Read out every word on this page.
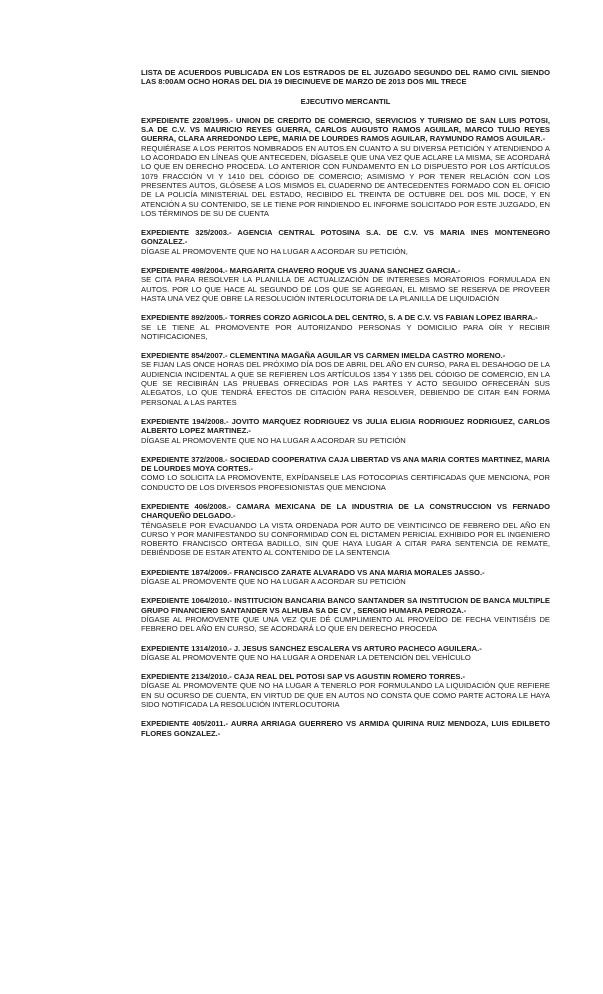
LISTA DE ACUERDOS PUBLICADA EN LOS ESTRADOS DE EL JUZGADO SEGUNDO DEL RAMO CIVIL SIENDO LAS 8:00AM OCHO HORAS DEL DIA 19 DIECINUEVE DE MARZO DE 2013 DOS MIL TRECE
EJECUTIVO MERCANTIL
EXPEDIENTE 2208/1995.- UNION DE CREDITO DE COMERCIO, SERVICIOS Y TURISMO DE SAN LUIS POTOSI, S.A DE C.V. VS MAURICIO REYES GUERRA, CARLOS AUGUSTO RAMOS AGUILAR, MARCO TULIO REYES GUERRA, CLARA ARREDONDO LEPE, MARIA DE LOURDES RAMOS AGUILAR, RAYMUNDO RAMOS AGUILAR.-
REQUIÉRASE A LOS PERITOS NOMBRADOS EN AUTOS.EN CUANTO A SU DIVERSA PETICIÓN Y ATENDIENDO A LO ACORDADO EN LÍNEAS QUE ANTECEDEN, DÍGASELE QUE UNA VEZ QUE ACLARE LA MISMA, SE ACORDARÁ LO QUE EN DERECHO PROCEDA. LO ANTERIOR CON FUNDAMENTO EN LO DISPUESTO POR LOS ARTÍCULOS 1079 FRACCIÓN VI Y 1410 DEL CÓDIGO DE COMERCIO; ASIMISMO Y POR TENER RELACIÓN CON LOS PRESENTES AUTOS, GLÓSESE A LOS MISMOS EL CUADERNO DE ANTECEDENTES FORMADO CON EL OFICIO DE LA POLICÍA MINISTERIAL DEL ESTADO, RECIBIDO EL TREINTA DE OCTUBRE DEL DOS MIL DOCE, Y EN ATENCIÓN A SU CONTENIDO, SE LE TIENE POR RINDIENDO EL INFORME SOLICITADO POR ESTE JUZGADO, EN LOS TÉRMINOS DE SU DE CUENTA
EXPEDIENTE 325/2003.- AGENCIA CENTRAL POTOSINA S.A. DE C.V. VS MARIA INES MONTENEGRO GONZALEZ.-
DÍGASE AL PROMOVENTE QUE NO HA LUGAR A ACORDAR SU PETICIÓN,
EXPEDIENTE 498/2004.- MARGARITA CHAVERO ROQUE VS JUANA SANCHEZ GARCIA.-
SE CITA PARA RESOLVER LA PLANILLA DE ACTUALIZACIÓN DE INTERESES MORATORIOS FORMULADA EN AUTOS. POR LO QUE HACE AL SEGUNDO DE LOS QUE SE AGREGAN, EL MISMO SE RESERVA DE PROVEER HASTA UNA VEZ QUE OBRE LA RESOLUCIÓN INTERLOCUTORIA DE LA PLANILLA DE LIQUIDACIÓN
EXPEDIENTE 892/2005.- TORRES CORZO AGRICOLA DEL CENTRO, S. A DE C.V. VS FABIAN LOPEZ IBARRA.-
SE LE TIENE AL PROMOVENTE POR AUTORIZANDO PERSONAS Y DOMICILIO PARA OÍR Y RECIBIR NOTIFICACIONES,
EXPEDIENTE 854/2007.- CLEMENTINA MAGAÑA AGUILAR VS CARMEN IMELDA CASTRO MORENO.-
SE FIJAN LAS ONCE HORAS DEL PRÓXIMO DÍA DOS DE ABRIL DEL AÑO EN CURSO, PARA EL DESAHOGO DE LA AUDIENCIA INCIDENTAL A QUE SE REFIEREN LOS ARTÍCULOS 1354 Y 1355 DEL CÓDIGO DE COMERCIO, EN LA QUE SE RECIBIRÁN LAS PRUEBAS OFRECIDAS POR LAS PARTES Y ACTO SEGUIDO OFRECERÁN SUS ALEGATOS, LO QUE TENDRÁ EFECTOS DE CITACIÓN PARA RESOLVER, DEBIENDO DE CITAR E4N FORMA PERSONAL A LAS PARTES
EXPEDIENTE 194/2008.- JOVITO MARQUEZ RODRIGUEZ VS JULIA ELIGIA RODRIGUEZ RODRIGUEZ, CARLOS ALBERTO LOPEZ MARTINEZ.-
DÍGASE AL PROMOVENTE QUE NO HA LUGAR A ACORDAR SU PETICIÓN
EXPEDIENTE 372/2008.- SOCIEDAD COOPERATIVA CAJA LIBERTAD VS ANA MARIA CORTES MARTINEZ, MARIA DE LOURDES MOYA CORTES.-
COMO LO SOLICITA LA PROMOVENTE, EXPÍDANSELE LAS FOTOCOPIAS CERTIFICADAS QUE MENCIONA, POR CONDUCTO DE LOS DIVERSOS PROFESIONISTAS QUE MENCIONA
EXPEDIENTE 406/2008.- CAMARA MEXICANA DE LA INDUSTRIA DE LA CONSTRUCCION VS FERNADO CHARQUEÑO DELGADO.-
TÉNGASELE POR EVACUANDO LA VISTA ORDENADA POR AUTO DE VEINTICINCO DE FEBRERO DEL AÑO EN CURSO Y POR MANIFESTANDO SU CONFORMIDAD CON EL DICTAMEN PERICIAL EXHIBIDO POR EL INGENIERO ROBERTO FRANCISCO ORTEGA BADILLO, SIN QUE HAYA LUGAR A CITAR PARA SENTENCIA DE REMATE, DEBIÉNDOSE DE ESTAR ATENTO AL CONTENIDO DE LA SENTENCIA
EXPEDIENTE 1874/2009.- FRANCISCO ZARATE ALVARADO VS ANA MARIA MORALES JASSO.-
DÍGASE AL PROMOVENTE QUE NO HA LUGAR A ACORDAR SU PETICIÓN
EXPEDIENTE 1064/2010.- INSTITUCION BANCARIA BANCO SANTANDER SA INSTITUCION DE BANCA MULTIPLE GRUPO FINANCIERO SANTANDER VS ALHUBA SA DE CV , SERGIO HUMARA PEDROZA.-
DÍGASE AL PROMOVENTE QUE UNA VEZ QUE DÉ CUMPLIMIENTO AL PROVEÍDO DE FECHA VEINTISÉIS DE FEBRERO DEL AÑO EN CURSO, SE ACORDARÁ LO QUE EN DERECHO PROCEDA
EXPEDIENTE 1314/2010.- J. JESUS SANCHEZ ESCALERA VS ARTURO PACHECO AGUILERA.-
DÍGASE AL PROMOVENTE QUE NO HA LUGAR A ORDENAR LA DETENCIÓN DEL VEHÍCULO
EXPEDIENTE 2134/2010.- CAJA REAL DEL POTOSI SAP VS AGUSTIN ROMERO TORRES.-
DÍGASE AL PROMOVENTE QUE NO HA LUGAR A TENERLO POR FORMULANDO LA LIQUIDACIÓN QUE REFIERE EN SU OCURSO DE CUENTA, EN VIRTUD DE QUE EN AUTOS NO CONSTA QUE COMO PARTE ACTORA LE HAYA SIDO NOTIFICADA LA RESOLUCIÓN INTERLOCUTORIA
EXPEDIENTE 405/2011.- AURRA ARRIAGA GUERRERO VS ARMIDA QUIRINA RUIZ MENDOZA, LUIS EDILBETO FLORES GONZALEZ.-
